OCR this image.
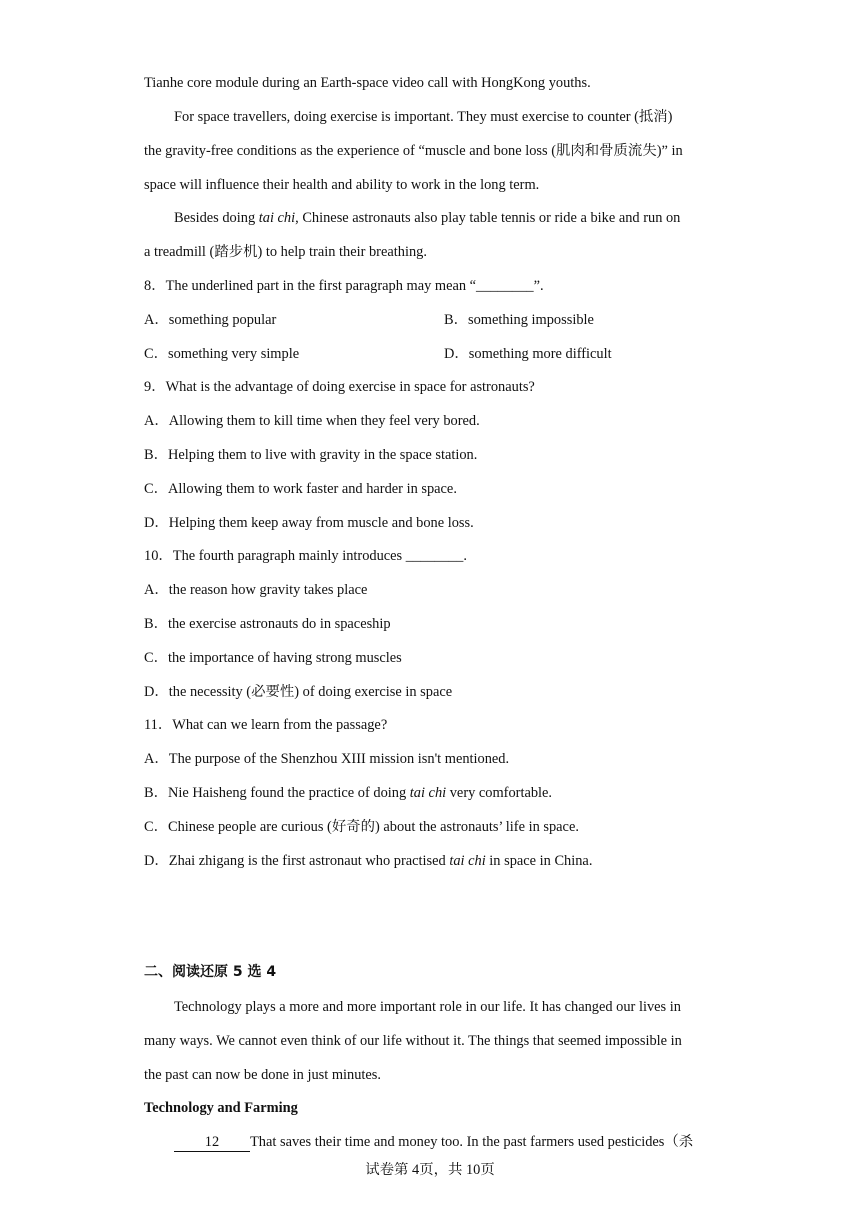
Tianhe core module during an Earth-space video call with HongKong youths.
For space travellers, doing exercise is important. They must exercise to counter (抵消)
the gravity-free conditions as the experience of “muscle and bone loss (肌肉和骨质流失)” in
space will influence their health and ability to work in the long term.
Besides doing tai chi, Chinese astronauts also play table tennis or ride a bike and run on
a treadmill (踏步机) to help train their breathing.
8．The underlined part in the first paragraph may mean “________”.
A．something popular	B．something impossible
C．something very simple	D．something more difficult
9．What is the advantage of doing exercise in space for astronauts?
A．Allowing them to kill time when they feel very bored.
B．Helping them to live with gravity in the space station.
C．Allowing them to work faster and harder in space.
D．Helping them keep away from muscle and bone loss.
10．The fourth paragraph mainly introduces ________.
A．the reason how gravity takes place
B．the exercise astronauts do in spaceship
C．the importance of having strong muscles
D．the necessity (必要性) of doing exercise in space
11．What can we learn from the passage?
A．The purpose of the Shenzhou XIII mission isn't mentioned.
B．Nie Haisheng found the practice of doing tai chi very comfortable.
C．Chinese people are curious (好奇的) about the astronauts’ life in space.
D．Zhai zhigang is the first astronaut who practised tai chi in space in China.
二、阅读还原 5 选 4
Technology plays a more and more important role in our life. It has changed our lives in
many ways. We cannot even think of our life without it. The things that seemed impossible in
the past can now be done in just minutes.
Technology and Farming
12 That saves their time and money too. In the past farmers used pesticides（杀
试卷第 4页，共 10页
